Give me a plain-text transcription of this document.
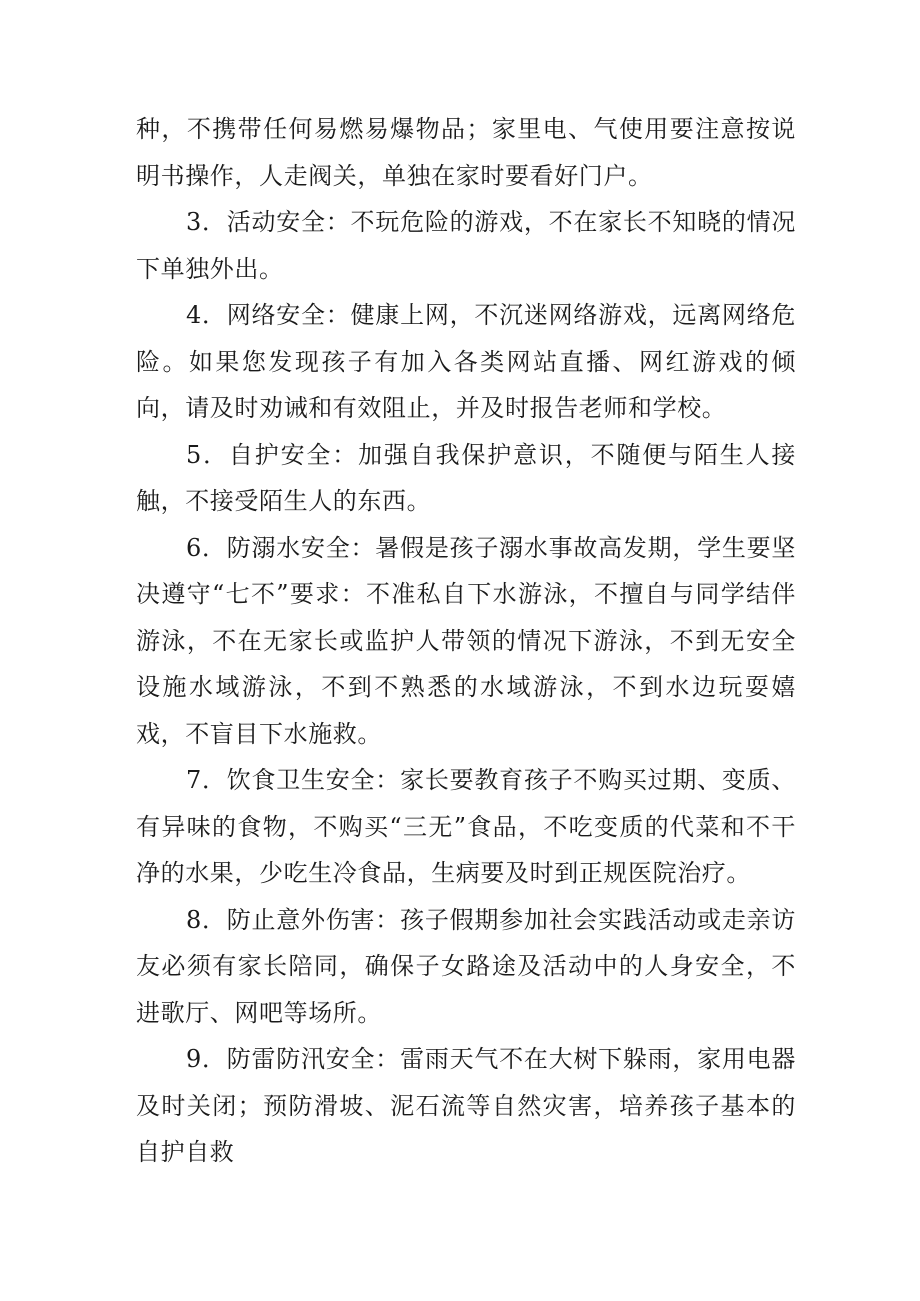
种，不携带任何易燃易爆物品；家里电、气使用要注意按说明书操作，人走阀关，单独在家时要看好门户。

3．活动安全：不玩危险的游戏，不在家长不知晓的情况下单独外出。

4．网络安全：健康上网，不沉迷网络游戏，远离网络危险。如果您发现孩子有加入各类网站直播、网红游戏的倾向，请及时劝诫和有效阻止，并及时报告老师和学校。

5．自护安全：加强自我保护意识，不随便与陌生人接触，不接受陌生人的东西。

6．防溺水安全：暑假是孩子溺水事故高发期，学生要坚决遵守“七不”要求：不准私自下水游泳，不擅自与同学结伴游泳，不在无家长或监护人带领的情况下游泳，不到无安全设施水域游泳，不到不熟悉的水域游泳，不到水边玩耍嬉戏，不盲目下水施救。

7．饮食卫生安全：家长要教育孩子不购买过期、变质、有异味的食物，不购买“三无”食品，不吃变质的代菜和不干净的水果，少吃生冷食品，生病要及时到正规医院治疗。

8．防止意外伤害：孩子假期参加社会实践活动或走亲访友必须有家长陪同，确保子女路途及活动中的人身安全，不进歌厅、网吧等场所。

9．防雷防汛安全：雷雨天气不在大树下躲雨，家用电器及时关闭；预防滑坡、泥石流等自然灾害，培养孩子基本的自护自救
